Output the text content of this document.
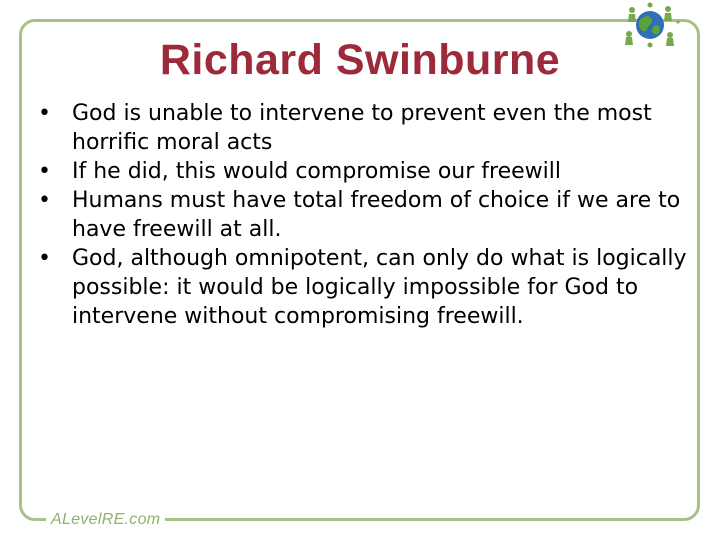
Richard Swinburne
• God is unable to intervene to prevent even the most horrific moral acts
• If he did, this would compromise our freewill
• Humans must have total freedom of choice if we are to have freewill at all.
• God, although omnipotent, can only do what is logically possible: it would be logically impossible for God to intervene without compromising freewill.
ALevelRE.com
